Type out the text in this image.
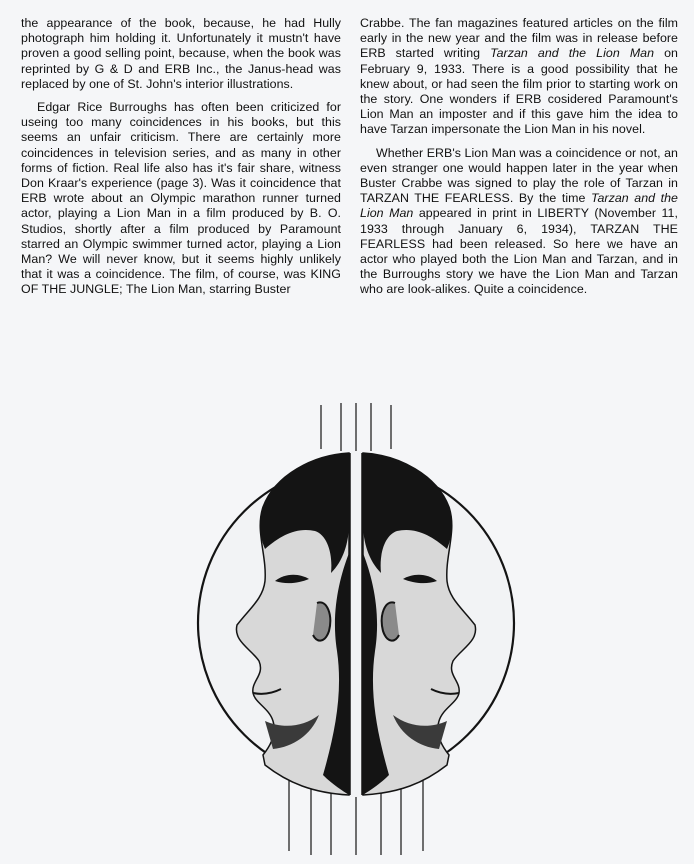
the appearance of the book, because, he had Hully photograph him holding it. Unfortunately it mustn't have proven a good selling point, because, when the book was reprinted by G & D and ERB Inc., the Janus-head was replaced by one of St. John's interior illustrations.

Edgar Rice Burroughs has often been criticized for useing too many coincidences in his books, but this seems an unfair criticism. There are certainly more coincidences in television series, and as many in other forms of fiction. Real life also has it's fair share, witness Don Kraar's experience (page 3). Was it coincidence that ERB wrote about an Olympic marathon runner turned actor, playing a Lion Man in a film produced by B. O. Studios, shortly after a film produced by Paramount starred an Olympic swimmer turned actor, playing a Lion Man? We will never know, but it seems highly unlikely that it was a coincidence. The film, of course, was KING OF THE JUNGLE; The Lion Man, starring Buster

Crabbe. The fan magazines featured articles on the film early in the new year and the film was in release before ERB started writing Tarzan and the Lion Man on February 9, 1933. There is a good possibility that he knew about, or had seen the film prior to starting work on the story. One wonders if ERB cosidered Paramount's Lion Man an imposter and if this gave him the idea to have Tarzan impersonate the Lion Man in his novel.

Whether ERB's Lion Man was a coincidence or not, an even stranger one would happen later in the year when Buster Crabbe was signed to play the role of Tarzan in TARZAN THE FEARLESS. By the time Tarzan and the Lion Man appeared in print in LIBERTY (November 11, 1933 through January 6, 1934), TARZAN THE FEARLESS had been released. So here we have an actor who played both the Lion Man and Tarzan, and in the Burroughs story we have the Lion Man and Tarzan who are look-alikes. Quite a coincidence.
